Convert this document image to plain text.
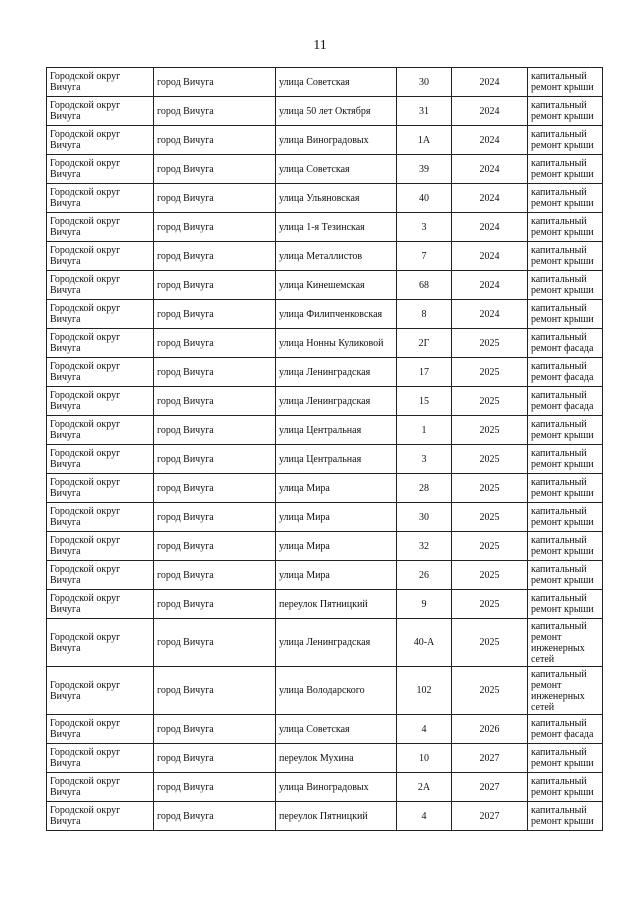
11
Городской округ Вичуга	город Вичуга	улица Советская	30	2024	капитальный ремонт крыши
Городской округ Вичуга	город Вичуга	улица 50 лет Октября	31	2024	капитальный ремонт крыши
Городской округ Вичуга	город Вичуга	улица Виноградовых	1А	2024	капитальный ремонт крыши
Городской округ Вичуга	город Вичуга	улица Советская	39	2024	капитальный ремонт крыши
Городской округ Вичуга	город Вичуга	улица Ульяновская	40	2024	капитальный ремонт крыши
Городской округ Вичуга	город Вичуга	улица 1-я Тезинская	3	2024	капитальный ремонт крыши
Городской округ Вичуга	город Вичуга	улица Металлистов	7	2024	капитальный ремонт крыши
Городской округ Вичуга	город Вичуга	улица Кинешемская	68	2024	капитальный ремонт крыши
Городской округ Вичуга	город Вичуга	улица Филипченковская	8	2024	капитальный ремонт крыши
Городской округ Вичуга	город Вичуга	улица Нонны Куликовой	2Г	2025	капитальный ремонт фасада
Городской округ Вичуга	город Вичуга	улица Ленинградская	17	2025	капитальный ремонт фасада
Городской округ Вичуга	город Вичуга	улица Ленинградская	15	2025	капитальный ремонт фасада
Городской округ Вичуга	город Вичуга	улица Центральная	1	2025	капитальный ремонт крыши
Городской округ Вичуга	город Вичуга	улица Центральная	3	2025	капитальный ремонт крыши
Городской округ Вичуга	город Вичуга	улица Мира	28	2025	капитальный ремонт крыши
Городской округ Вичуга	город Вичуга	улица Мира	30	2025	капитальный ремонт крыши
Городской округ Вичуга	город Вичуга	улица Мира	32	2025	капитальный ремонт крыши
Городской округ Вичуга	город Вичуга	улица Мира	26	2025	капитальный ремонт крыши
Городской округ Вичуга	город Вичуга	переулок Пятницкий	9	2025	капитальный ремонт крыши
Городской округ Вичуга	город Вичуга	улица Ленинградская	40-А	2025	капитальный ремонт инженерных сетей
Городской округ Вичуга	город Вичуга	улица Володарского	102	2025	капитальный ремонт инженерных сетей
Городской округ Вичуга	город Вичуга	улица Советская	4	2026	капитальный ремонт фасада
Городской округ Вичуга	город Вичуга	переулок Мухина	10	2027	капитальный ремонт крыши
Городской округ Вичуга	город Вичуга	улица Виноградовых	2А	2027	капитальный ремонт крыши
Городской округ Вичуга	город Вичуга	переулок Пятницкий	4	2027	капитальный ремонт крыши
